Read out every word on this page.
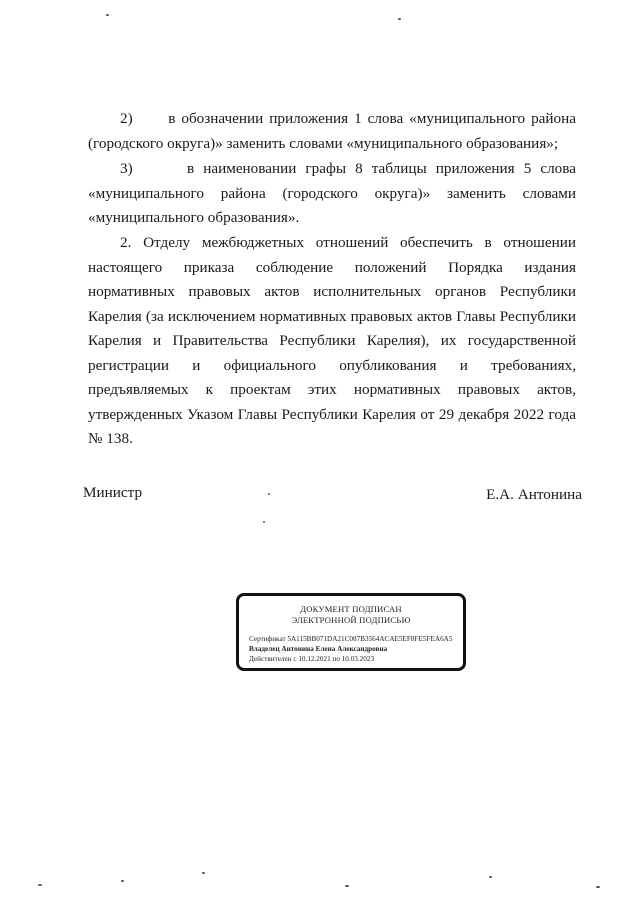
2) в обозначении приложения 1 слова «муниципального района (городского округа)» заменить словами «муниципального образования»;
3)	в наименовании графы 8 таблицы приложения 5 слова «муниципального района (городского округа)» заменить словами «муниципального образования».
2. Отделу межбюджетных отношений обеспечить в отношении настоящего приказа соблюдение положений Порядка издания нормативных правовых актов исполнительных органов Республики Карелия (за исключением нормативных правовых актов Главы Республики Карелия и Правительства Республики Карелия), их государственной регистрации и официального опубликования и требованиях, предъявляемых к проектам этих нормативных правовых актов, утвержденных Указом Главы Республики Карелия от 29 декабря 2022 года № 138.
Министр	Е.А. Антонина
ДОКУМЕНТ ПОДПИСАН
ЭЛЕКТРОННОЙ ПОДПИСЬЮ
Сертификат 5A115BB071DA21C087B3564ACAE5EF8FE5FEA6A5
Владелец Антонина Елена Александровна
Действителен с 10.12.2021 по 10.03.2023
